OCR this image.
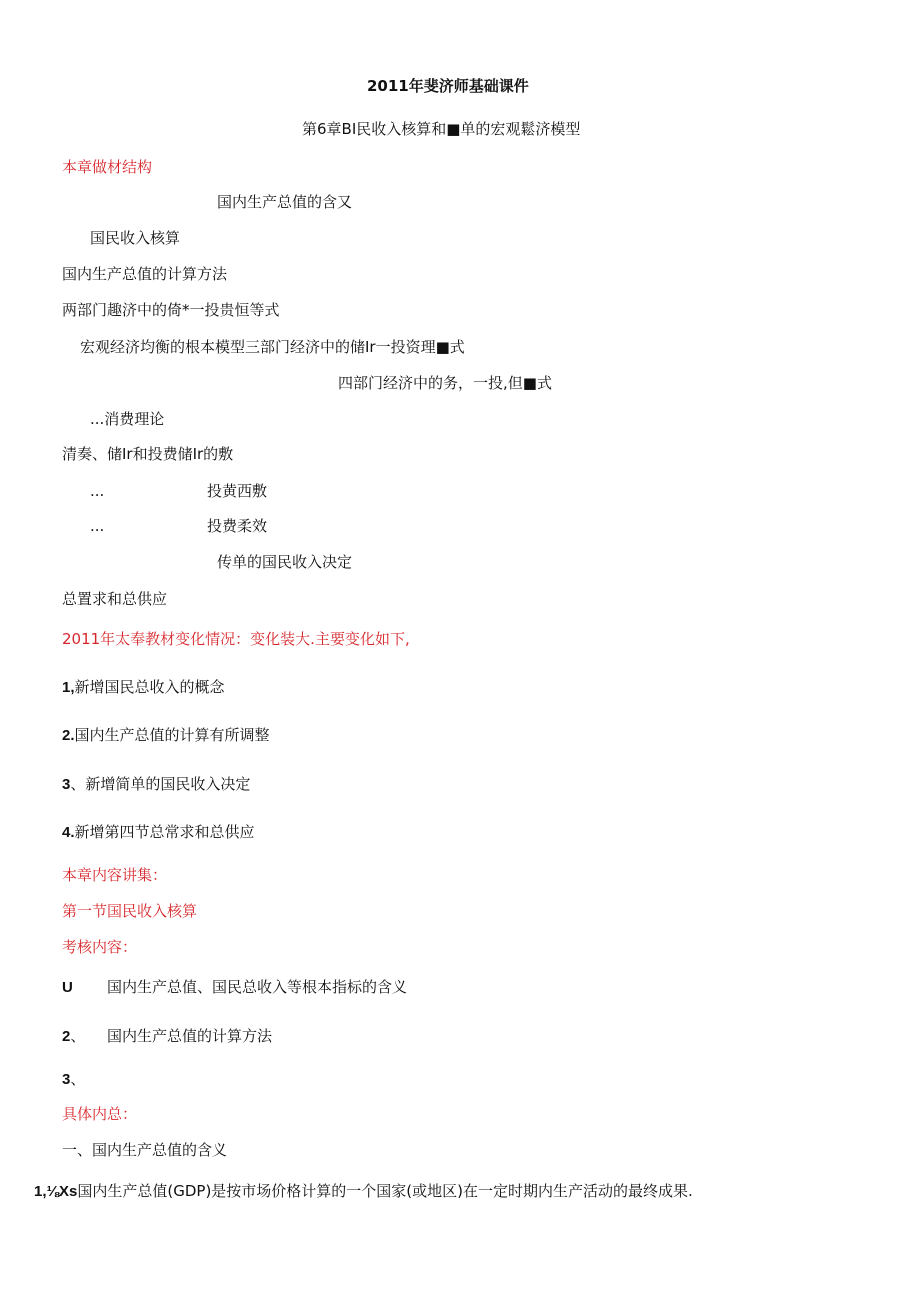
2011年斐济师基础课件
第6章BI民收入核算和■单的宏观鬆济模型
本章做材结构
国内生产总值的含又
国民收入核算
国内生产总值的计算方法
两部门趣济中的倚*一投贵恒等式
宏观经济均衡的根本模型三部门经济中的储Ir一投资理■式
四部门经济中的务，一投,但■式
...消费理论
清奏、储Ir和投费储Ir的敷
...	投黄西敷
...	投费柔效
传单的国民收入决定
总置求和总供应
2011年太奉教材变化情况：变化装大.主要变化如下,
1,新增国民总收入的概念
2.国内生产总值的计算有所调整
3、新增简单的国民收入决定
4.新增第四节总常求和总供应
本章内容讲集：
第一节国民收入核算
考核内容：
U 国内生产总值、国民总收入等根本指标的含义
2、 国内生产总值的计算方法
3、
具体内总：
一、国内生产总值的含义
1,⅛Xs国内生产总值(GDP)是按市场价格计算的一个国家(或地区)在一定时期内生产活动的最终成果.
